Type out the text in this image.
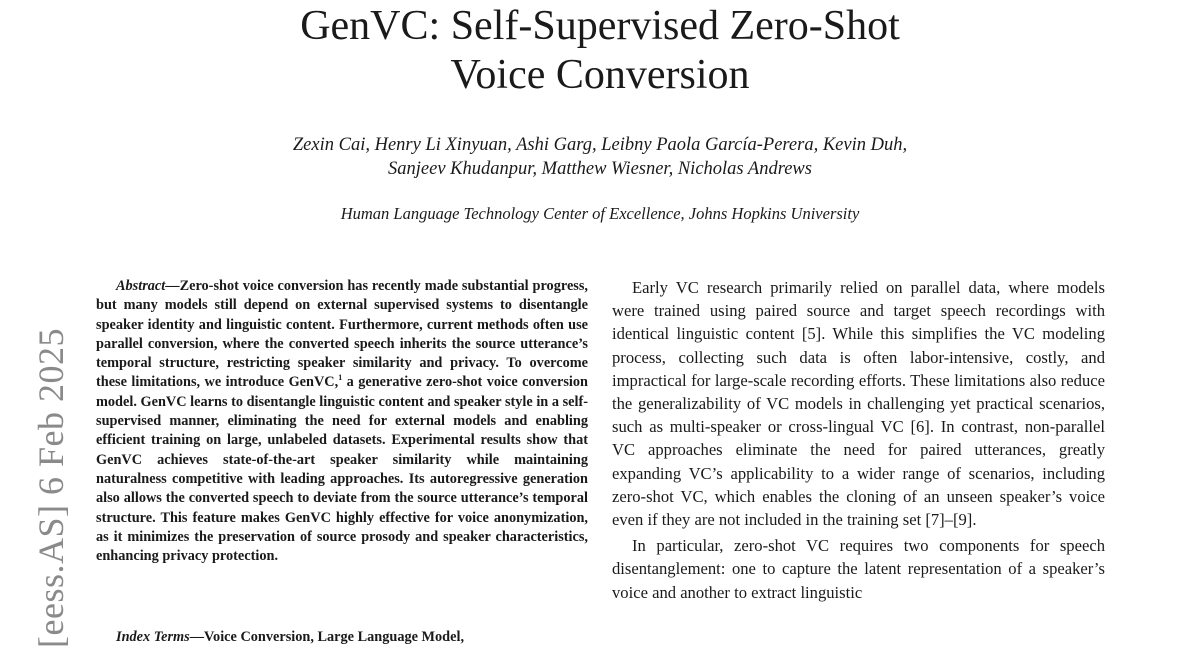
GenVC: Self-Supervised Zero-Shot
Voice Conversion
Zexin Cai, Henry Li Xinyuan, Ashi Garg, Leibny Paola García-Perera, Kevin Duh,
Sanjeev Khudanpur, Matthew Wiesner, Nicholas Andrews
Human Language Technology Center of Excellence, Johns Hopkins University
[eess.AS] 6 Feb 2025

Abstract—Zero-shot voice conversion has recently made substantial progress, but many models still depend on external supervised systems to disentangle speaker identity and linguistic content. Furthermore, current methods often use parallel conversion, where the converted speech inherits the source utterance’s temporal structure, restricting speaker similarity and privacy. To overcome these limitations, we introduce GenVC,$^1$ a generative zero-shot voice conversion model. GenVC learns to disentangle linguistic content and speaker style in a self-supervised manner, eliminating the need for external models and enabling efficient training on large, unlabeled datasets. Experimental results show that GenVC achieves state-of-the-art speaker similarity while maintaining naturalness competitive with leading approaches. Its autoregressive generation also allows the converted speech to deviate from the source utterance’s temporal structure. This feature makes GenVC highly effective for voice anonymization, as it minimizes the preservation of source prosody and speaker characteristics, enhancing privacy protection.

Index Terms—Voice Conversion, Large Language Model,

Early VC research primarily relied on parallel data, where models were trained using paired source and target speech recordings with identical linguistic content [5]. While this simplifies the VC modeling process, collecting such data is often labor-intensive, costly, and impractical for large-scale recording efforts. These limitations also reduce the generalizability of VC models in challenging yet practical scenarios, such as multi-speaker or cross-lingual VC [6]. In contrast, non-parallel VC approaches eliminate the need for paired utterances, greatly expanding VC’s applicability to a wider range of scenarios, including zero-shot VC, which enables the cloning of an unseen speaker’s voice even if they are not included in the training set [7]–[9].

In particular, zero-shot VC requires two components for speech disentanglement: one to capture the latent representation of a speaker’s voice and another to extract linguistic
